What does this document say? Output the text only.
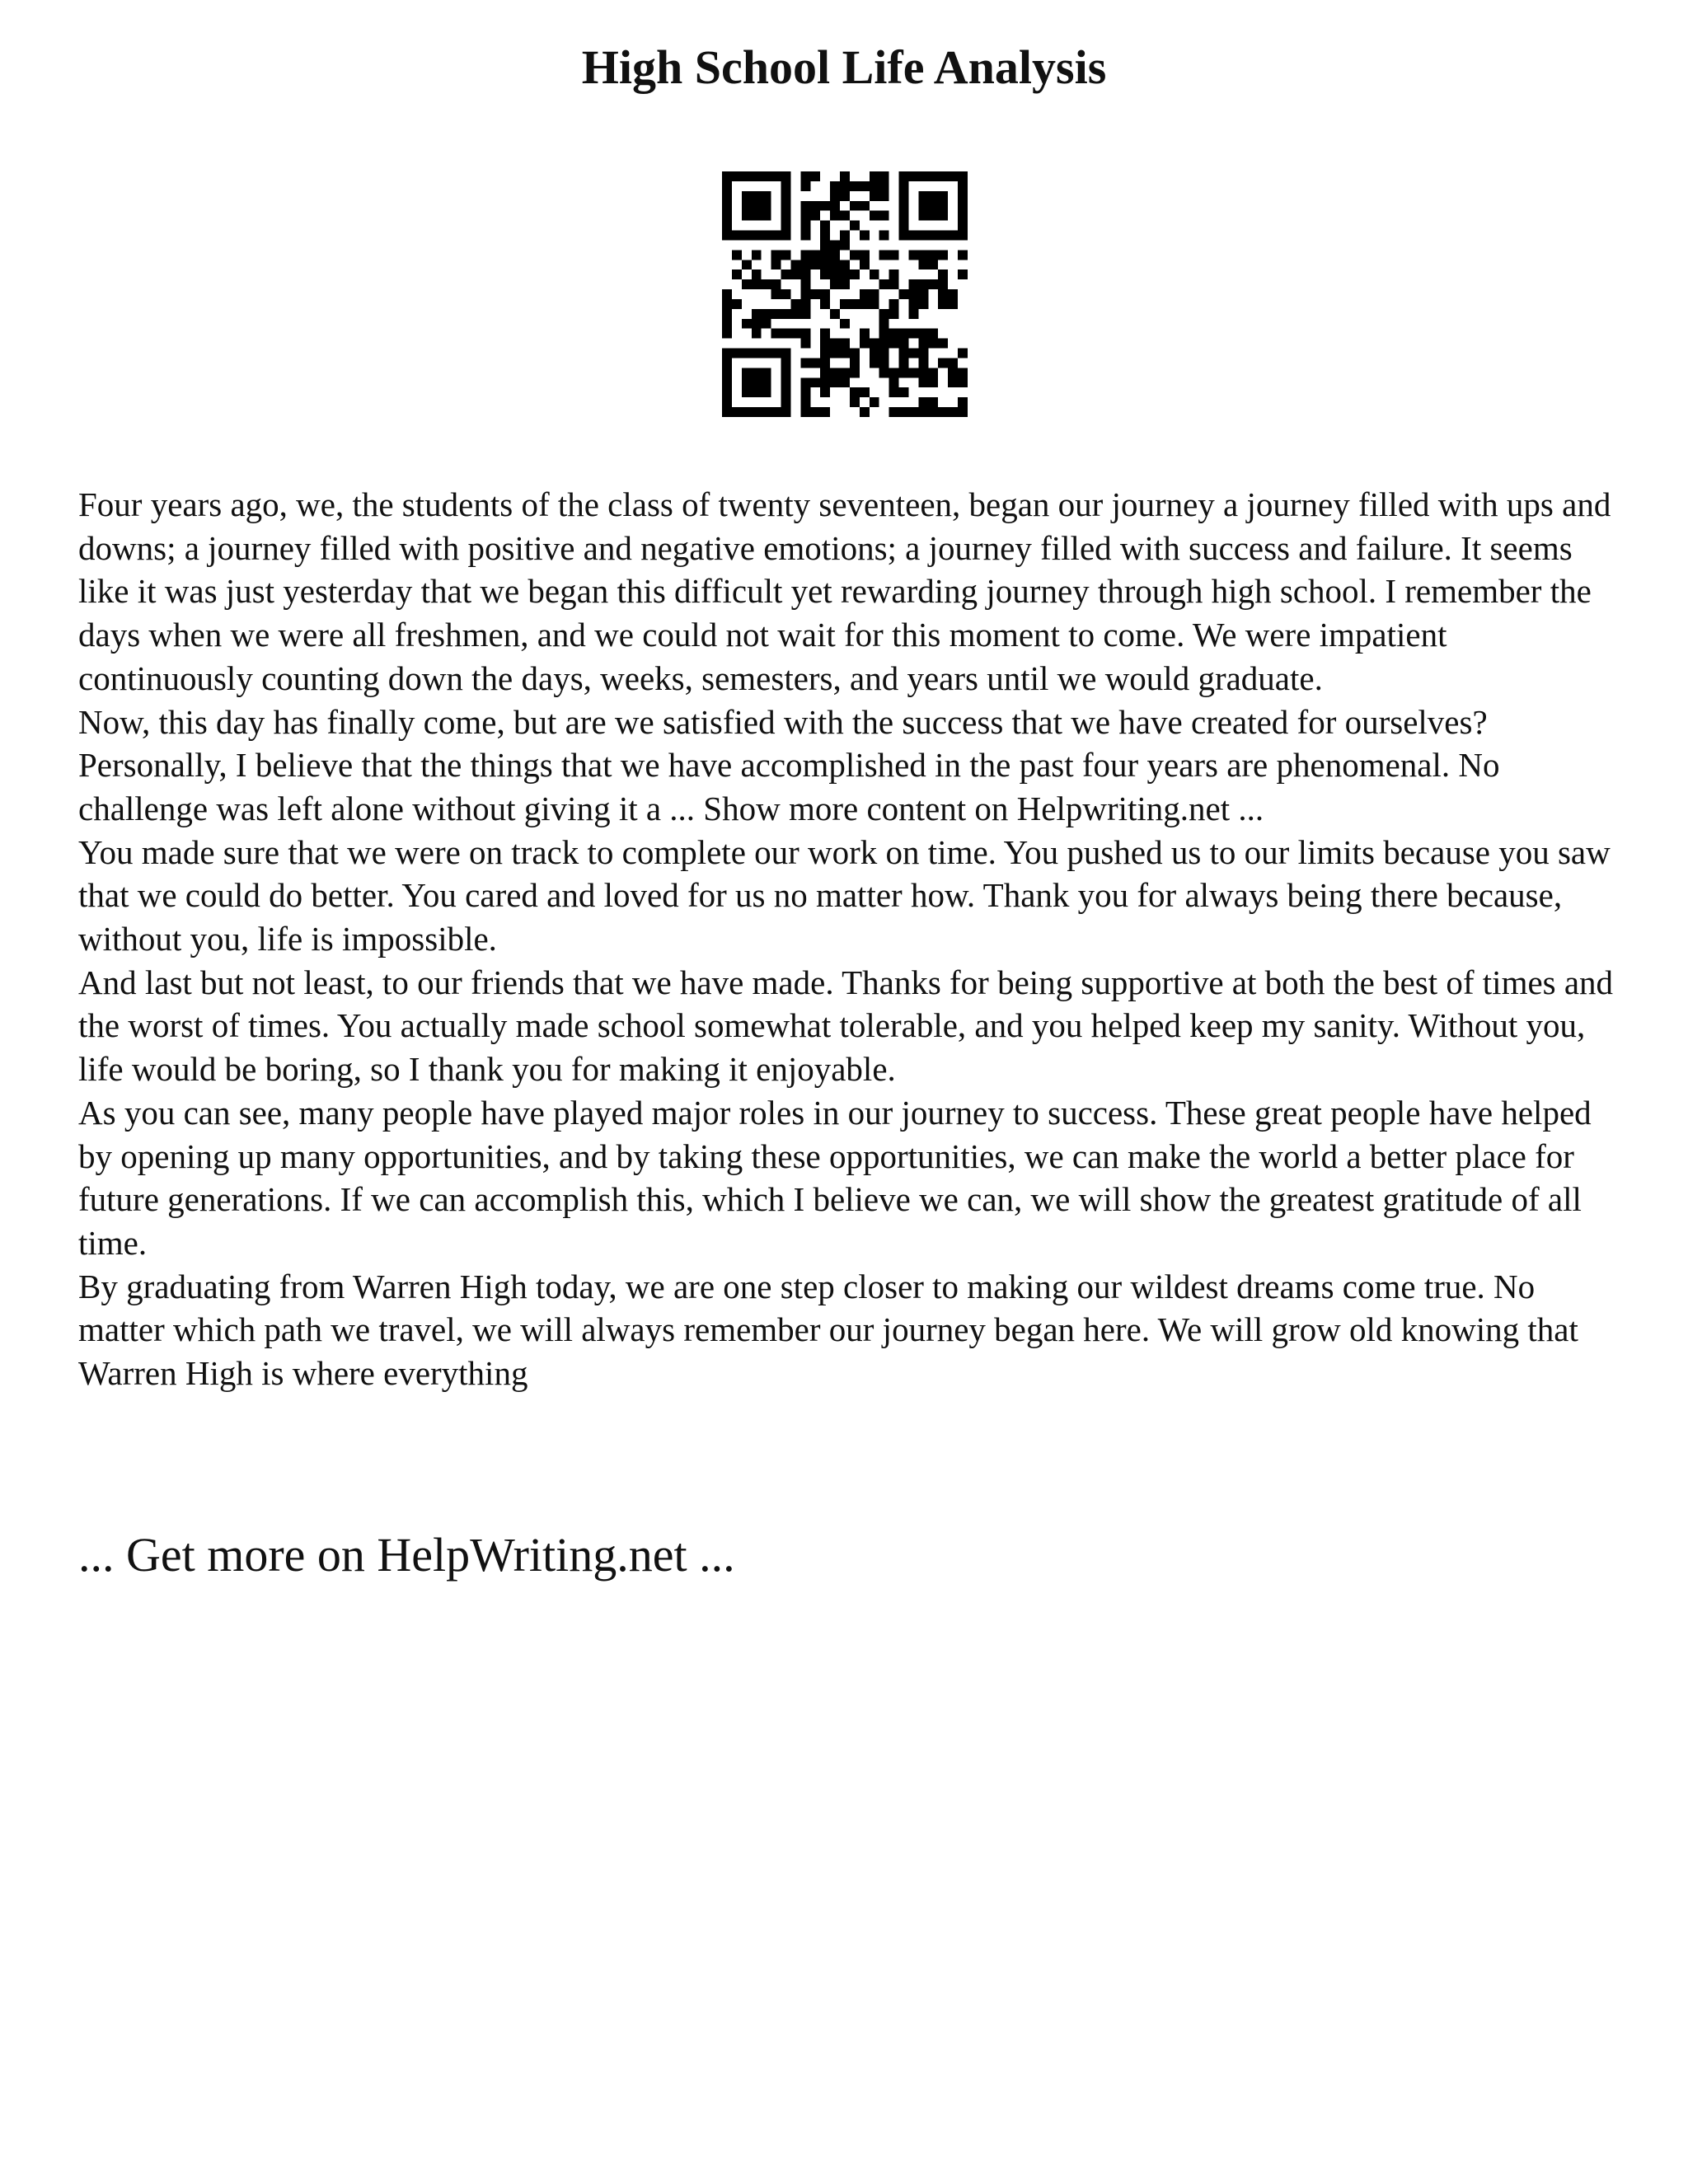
High School Life Analysis

Four years ago, we, the students of the class of twenty seventeen, began our journey a journey filled with ups and downs; a journey filled with positive and negative emotions; a journey filled with success and failure. It seems like it was just yesterday that we began this difficult yet rewarding journey through high school. I remember the days when we were all freshmen, and we could not wait for this moment to come. We were impatient continuously counting down the days, weeks, semesters, and years until we would graduate.

Now, this day has finally come, but are we satisfied with the success that we have created for ourselves? Personally, I believe that the things that we have accomplished in the past four years are phenomenal. No challenge was left alone without giving it a ... Show more content on Helpwriting.net ...

You made sure that we were on track to complete our work on time. You pushed us to our limits because you saw that we could do better. You cared and loved for us no matter how. Thank you for always being there because, without you, life is impossible.

And last but not least, to our friends that we have made. Thanks for being supportive at both the best of times and the worst of times. You actually made school somewhat tolerable, and you helped keep my sanity. Without you, life would be boring, so I thank you for making it enjoyable.

As you can see, many people have played major roles in our journey to success. These great people have helped by opening up many opportunities, and by taking these opportunities, we can make the world a better place for future generations. If we can accomplish this, which I believe we can, we will show the greatest gratitude of all time.

By graduating from Warren High today, we are one step closer to making our wildest dreams come true. No matter which path we travel, we will always remember our journey began here. We will grow old knowing that Warren High is where everything

... Get more on HelpWriting.net ...
